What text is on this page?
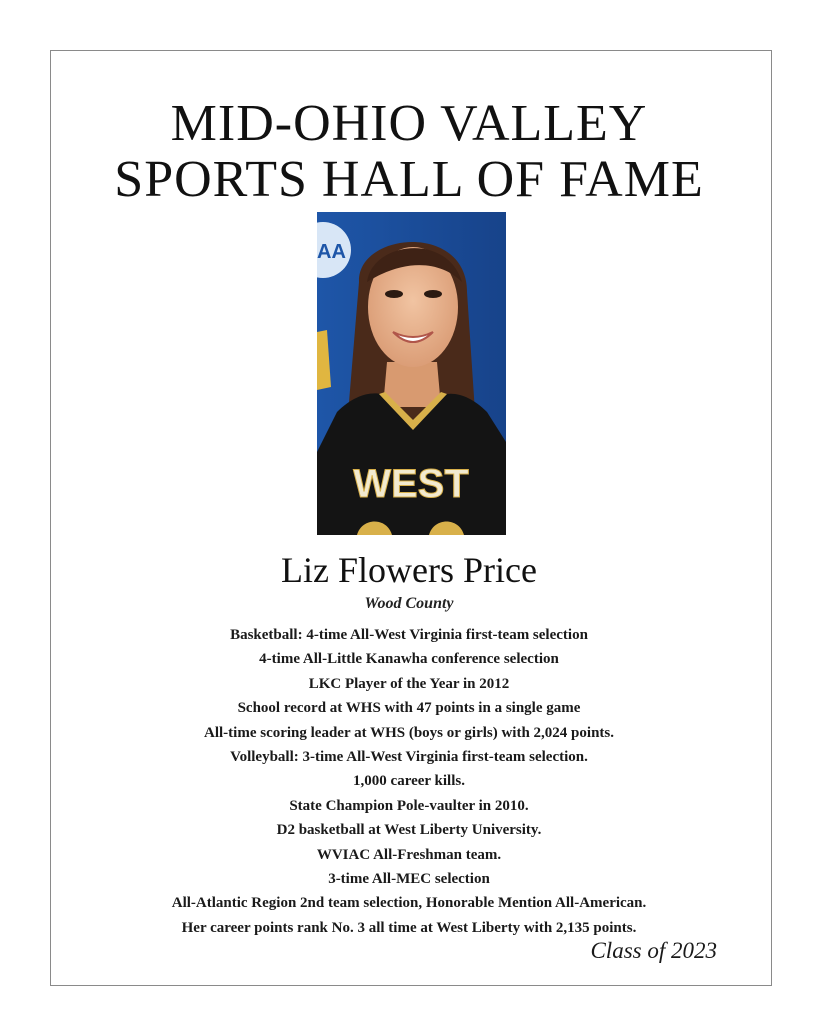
MID-OHIO VALLEY
SPORTS HALL OF FAME
AA
WEST
Liz Flowers Price
Wood County
Basketball: 4-time All-West Virginia first-team selection
4-time All-Little Kanawha conference selection
LKC Player of the Year in 2012
School record at WHS with 47 points in a single game
All-time scoring leader at WHS (boys or girls) with 2,024 points.
Volleyball: 3-time All-West Virginia first-team selection.
1,000 career kills.
State Champion Pole-vaulter in 2010.
D2 basketball at West Liberty University.
WVIAC All-Freshman team.
3-time All-MEC selection
All-Atlantic Region 2nd team selection, Honorable Mention All-American.
Her career points rank No. 3 all time at West Liberty with 2,135 points.
Class of 2023
